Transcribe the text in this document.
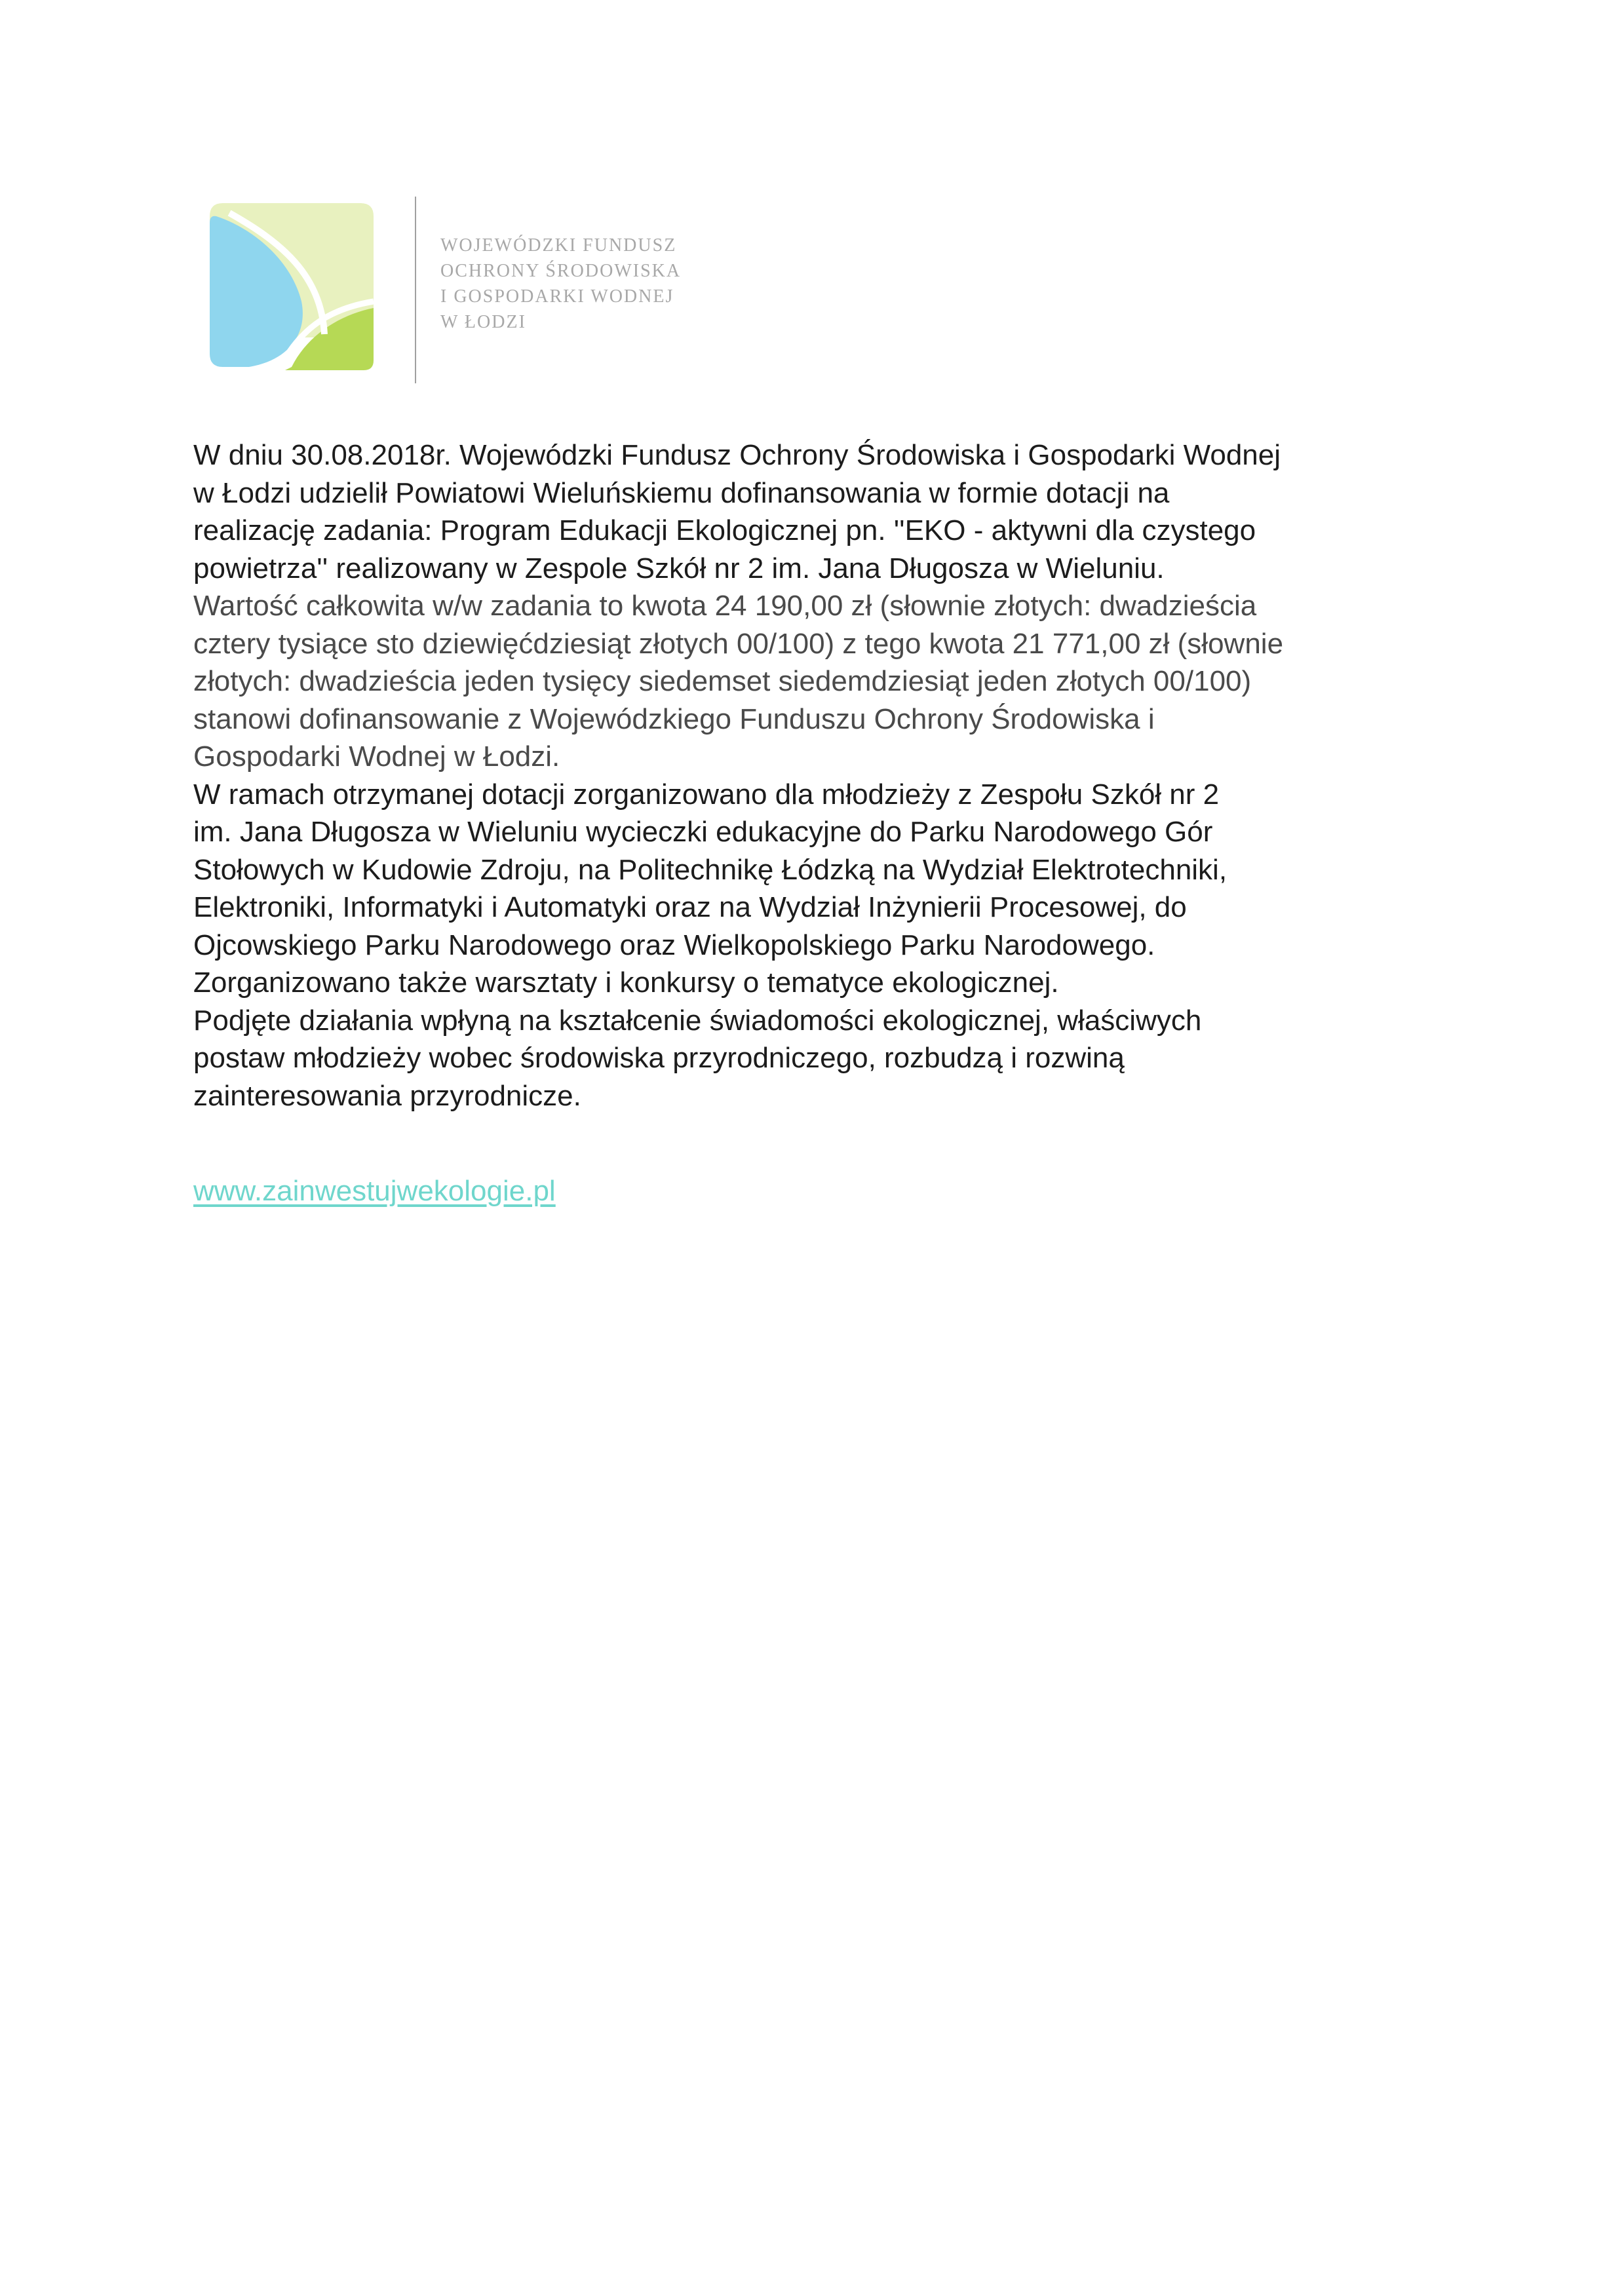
WOJEWÓDZKI FUNDUSZ
OCHRONY ŚRODOWISKA
I GOSPODARKI WODNEJ
W ŁODZI
W dniu 30.08.2018r. Wojewódzki Fundusz Ochrony Środowiska i Gospodarki Wodnej
w Łodzi udzielił Powiatowi Wieluńskiemu dofinansowania w formie dotacji na
realizację zadania: Program Edukacji Ekologicznej pn. ''EKO - aktywni dla czystego
powietrza'' realizowany w Zespole Szkół nr 2 im. Jana Długosza w Wieluniu.
Wartość całkowita w/w zadania to kwota 24 190,00 zł (słownie złotych: dwadzieścia
cztery tysiące sto dziewięćdziesiąt złotych 00/100) z tego kwota 21 771,00 zł (słownie
złotych: dwadzieścia jeden tysięcy siedemset siedemdziesiąt jeden złotych 00/100)
stanowi dofinansowanie z Wojewódzkiego Funduszu Ochrony Środowiska i
Gospodarki Wodnej w Łodzi.
W ramach otrzymanej dotacji zorganizowano dla młodzieży z Zespołu Szkół nr 2
im. Jana Długosza w Wieluniu wycieczki edukacyjne do Parku Narodowego Gór
Stołowych w Kudowie Zdroju, na Politechnikę Łódzką na Wydział Elektrotechniki,
Elektroniki, Informatyki i Automatyki oraz na Wydział Inżynierii Procesowej, do
Ojcowskiego Parku Narodowego oraz Wielkopolskiego Parku Narodowego.
Zorganizowano także warsztaty i konkursy o tematyce ekologicznej.
Podjęte działania wpłyną na kształcenie świadomości ekologicznej, właściwych
postaw młodzieży wobec środowiska przyrodniczego, rozbudzą i rozwiną
zainteresowania przyrodnicze.
www.zainwestujwekologie.pl
